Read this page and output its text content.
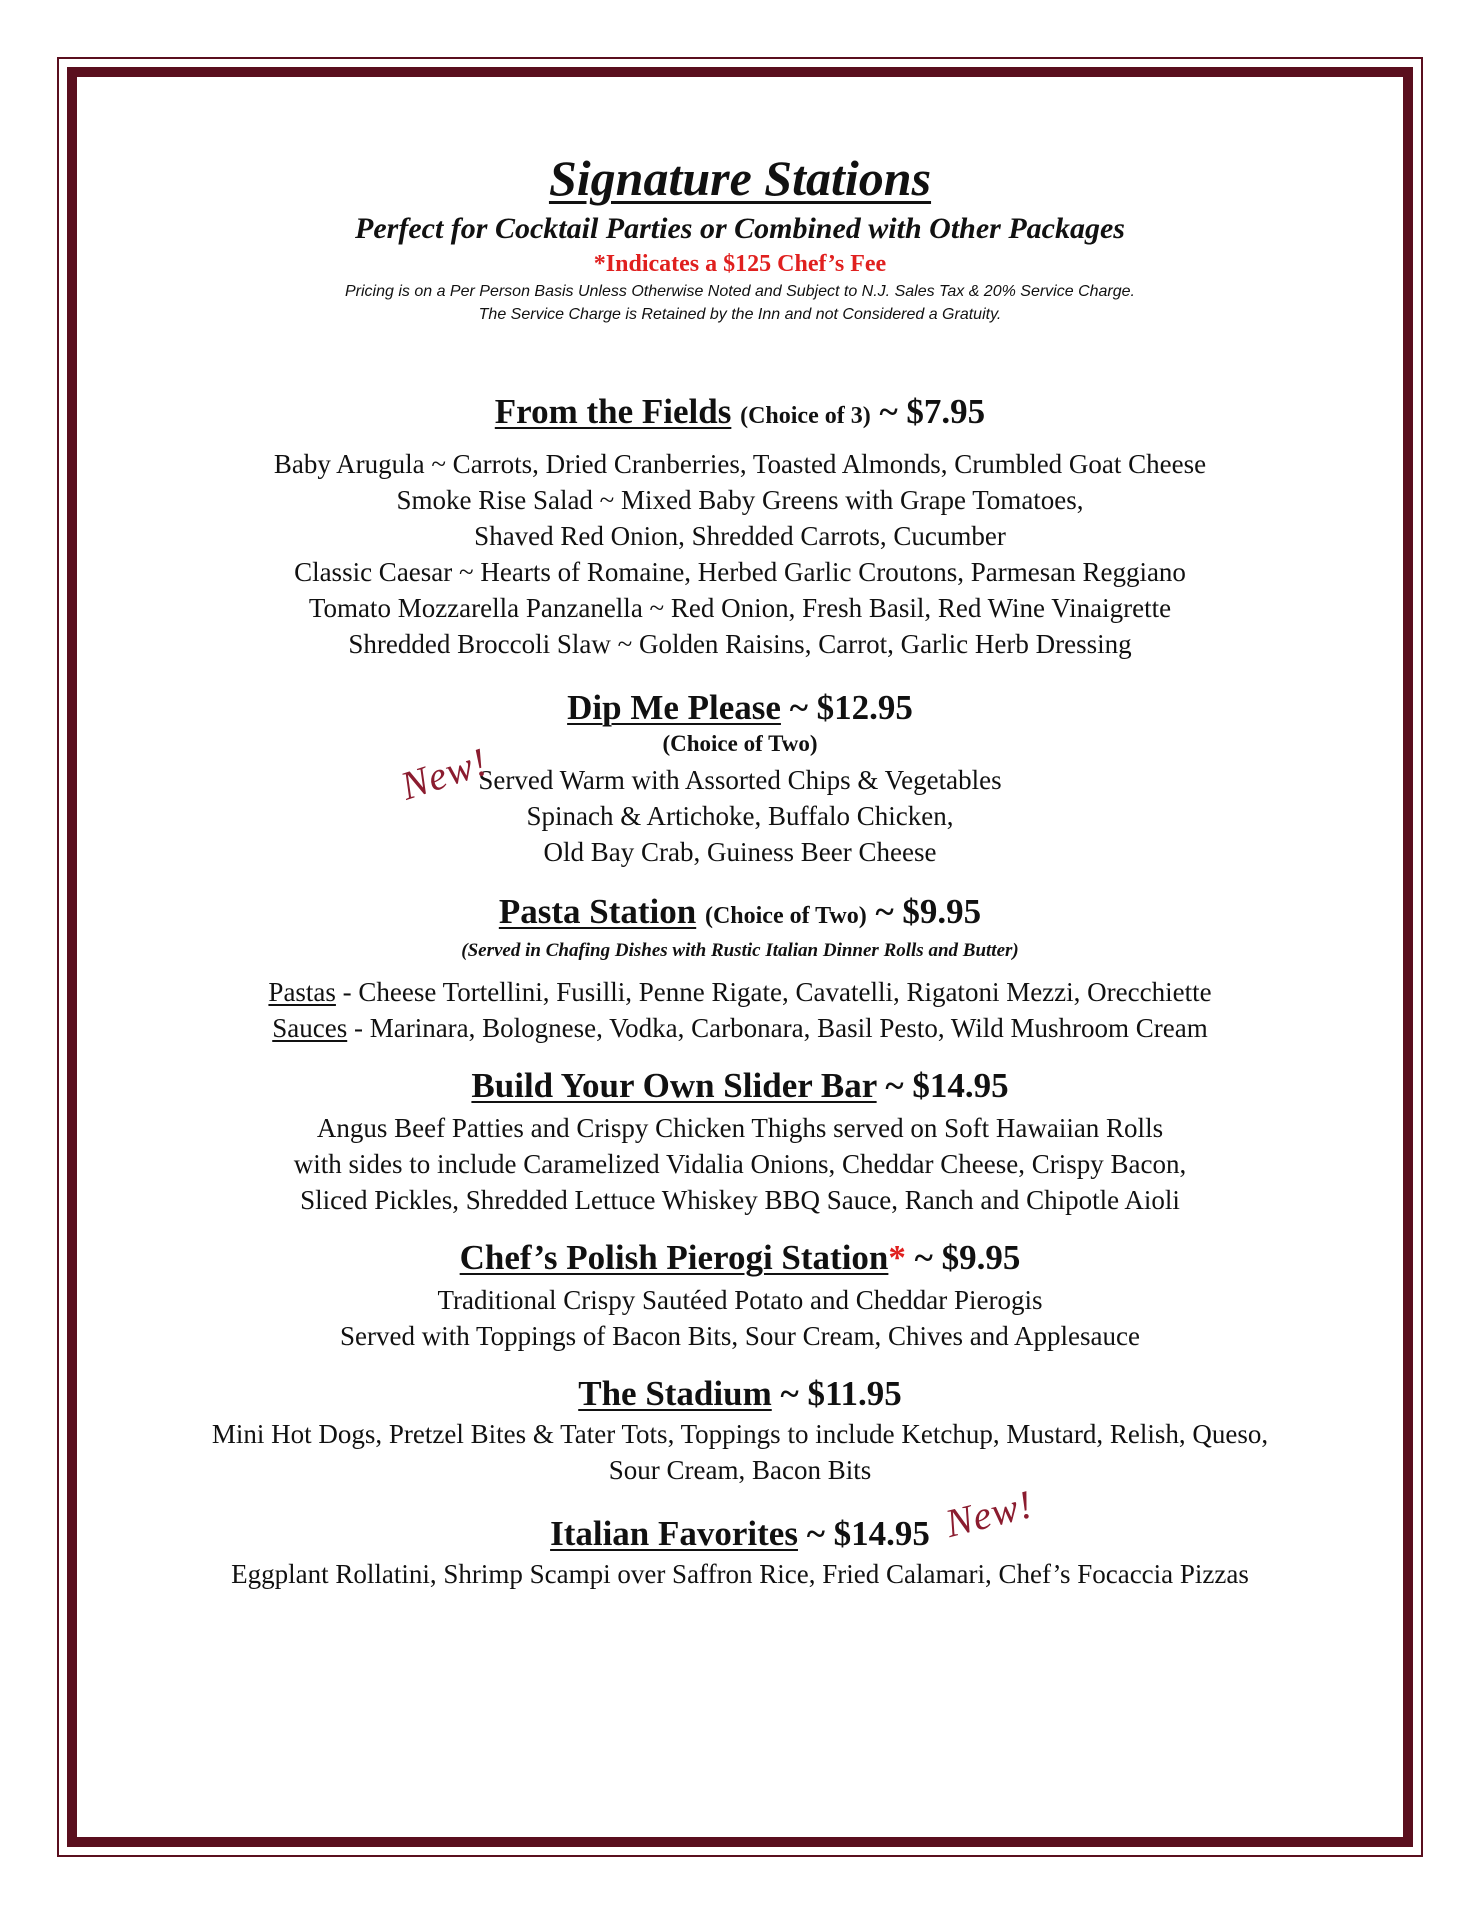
Signature Stations
Perfect for Cocktail Parties or Combined with Other Packages
*Indicates a $125 Chef’s Fee
Pricing is on a Per Person Basis Unless Otherwise Noted and Subject to N.J. Sales Tax & 20% Service Charge.
The Service Charge is Retained by the Inn and not Considered a Gratuity.
From the Fields (Choice of 3) ~ $7.95
Baby Arugula ~ Carrots, Dried Cranberries, Toasted Almonds, Crumbled Goat Cheese
Smoke Rise Salad ~ Mixed Baby Greens with Grape Tomatoes,
Shaved Red Onion, Shredded Carrots, Cucumber
Classic Caesar ~ Hearts of Romaine, Herbed Garlic Croutons, Parmesan Reggiano
Tomato Mozzarella Panzanella ~ Red Onion, Fresh Basil, Red Wine Vinaigrette
Shredded Broccoli Slaw ~ Golden Raisins, Carrot, Garlic Herb Dressing
Dip Me Please ~ $12.95
(Choice of Two)
Served Warm with Assorted Chips & Vegetables
Spinach & Artichoke, Buffalo Chicken,
Old Bay Crab, Guiness Beer Cheese
Pasta Station (Choice of Two) ~ $9.95
(Served in Chafing Dishes with Rustic Italian Dinner Rolls and Butter)
Pastas - Cheese Tortellini, Fusilli, Penne Rigate, Cavatelli, Rigatoni Mezzi, Orecchiette
Sauces - Marinara, Bolognese, Vodka, Carbonara, Basil Pesto, Wild Mushroom Cream
Build Your Own Slider Bar ~ $14.95
Angus Beef Patties and Crispy Chicken Thighs served on Soft Hawaiian Rolls
with sides to include Caramelized Vidalia Onions, Cheddar Cheese, Crispy Bacon,
Sliced Pickles, Shredded Lettuce Whiskey BBQ Sauce, Ranch and Chipotle Aioli
Chef’s Polish Pierogi Station* ~ $9.95
Traditional Crispy Sautéed Potato and Cheddar Pierogis
Served with Toppings of Bacon Bits, Sour Cream, Chives and Applesauce
The Stadium ~ $11.95
Mini Hot Dogs, Pretzel Bites & Tater Tots, Toppings to include Ketchup, Mustard, Relish, Queso,
Sour Cream, Bacon Bits
Italian Favorites ~ $14.95
Eggplant Rollatini, Shrimp Scampi over Saffron Rice, Fried Calamari, Chef’s Focaccia Pizzas
New!
New!
